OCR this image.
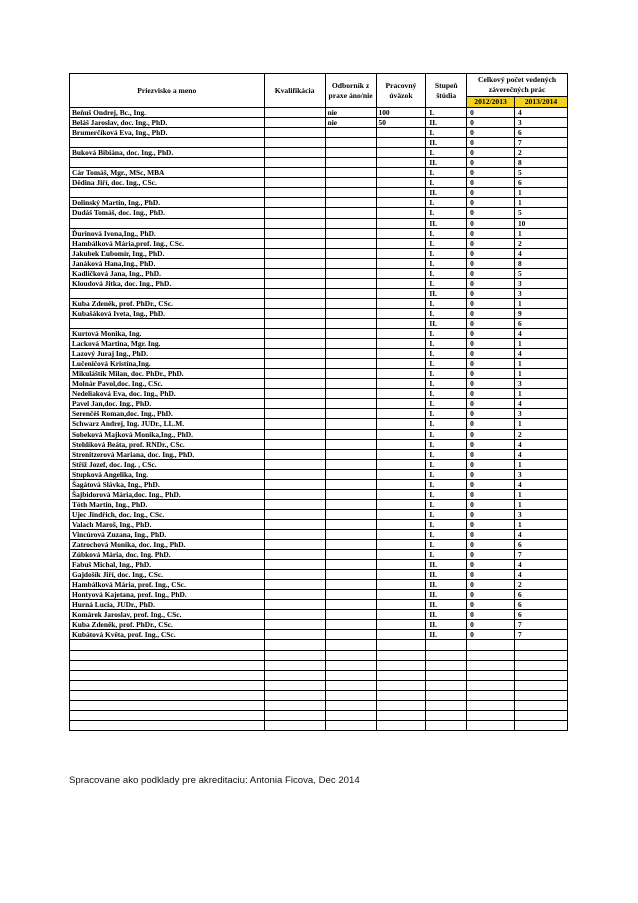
Priezvisko a meno	Kvalifikácia	Odborník z praxe áno/nie	Pracovný úväzok	Stupeň štúdia	Celkový počet vedených záverečných prác	
					2012/2013	2013/2014
Beňuš Ondrej, Bc., Ing.		nie	100	I.	0	4
Beláš Jaroslav, doc. Ing., PhD.		nie	50	II.	0	3
Brumerčíková Eva, Ing., PhD.				I.	0	6
				II.	0	7
Buková Bibiána, doc. Ing., PhD.				I.	0	2
				II.	0	8
Cár Tomáš, Mgr., MSc, MBA				I.	0	5
Dědina Jiří, doc. Ing., CSc.				I.	0	6
				II.	0	1
Dolinský Martin, Ing., PhD.				I.	0	1
Dudáš Tomáš, doc. Ing., PhD.				I.	0	5
				II.	0	10
Ďurinová Ivona,Ing., PhD.				I.	0	1
Hambálková Mária,prof. Ing., CSc.				I.	0	2
Jakubek Ľubomír, Ing., PhD.				I.	0	4
Janáková Hana,Ing., PhD.				I.	0	8
Kadličková Jana, Ing., PhD.				I.	0	5
Kloudová Jitka, doc. Ing., PhD.				I.	0	3
				II.	0	3
Kuba Zdeněk, prof. PhDr., CSc.				I.	0	1
Kubašáková Iveta, Ing., PhD.				I.	0	9
				II.	0	6
Kurtová Monika, Ing.				I.	0	4
Lacková Martina, Mgr. Ing.				I.	0	1
Lazový Juraj Ing., PhD.				I.	0	4
Lučeničová Kristína,Ing.				I.	0	1
Mikuláštík Milan, doc. PhDr., PhD.				I.	0	1
Molnár Pavol,doc. Ing., CSc.				I.	0	3
Nedeliaková Eva, doc. Ing., PhD.				I.	0	1
Pavel Jan,doc. Ing., PhD.				I.	0	4
Serenčéš Roman,doc. Ing., PhD.				I.	0	3
Schwarz Andrej, Ing. JUDr., LL.M.				I.	0	1
Sobeková Majková Monika,Ing., PhD.				I.	0	2
Stehlíková Beáta, prof. RNDr., CSc.				I.	0	4
Strenitzerová Mariana, doc. Ing., PhD.				I.	0	4
Stříž Jozef, doc. Ing. , CSc.				I.	0	1
Stupková Angelika, Ing.				I.	0	3
Šagátová Slávka, Ing., PhD.				I.	0	4
Šajbidorová Mária,doc. Ing., PhD.				I.	0	1
Tóth Martin, Ing., PhD.				I.	0	1
Ujec Jindřich, doc. Ing., CSc.				I.	0	3
Valach Maroš, Ing., PhD.				I.	0	1
Vincúrová Zuzana, Ing., PhD.				I.	0	4
Zatrochová Monika, doc. Ing., PhD.				I.	0	6
Zúbková Mária, doc. Ing. PhD.				I.	0	7
Fabuš Michal, Ing., PhD.				II.	0	4
Gajdošík Jiří, doc. Ing., CSc.				II.	0	4
Hambálková Mária, prof. Ing., CSc.				II.	0	2
Hontyová Kajetana, prof. Ing., PhD.				II.	0	6
Hurná Lucia, JUDr., PhD.				II.	0	6
Komárek Jaroslav, prof. Ing., CSc.				II.	0	6
Kuba Zdeněk, prof. PhDr., CSc.				II.	0	7
Kubátová Květa, prof. Ing., CSc.				II.	0	7

Spracovane ako podklady pre akreditaciu: Antonia Ficova, Dec 2014
